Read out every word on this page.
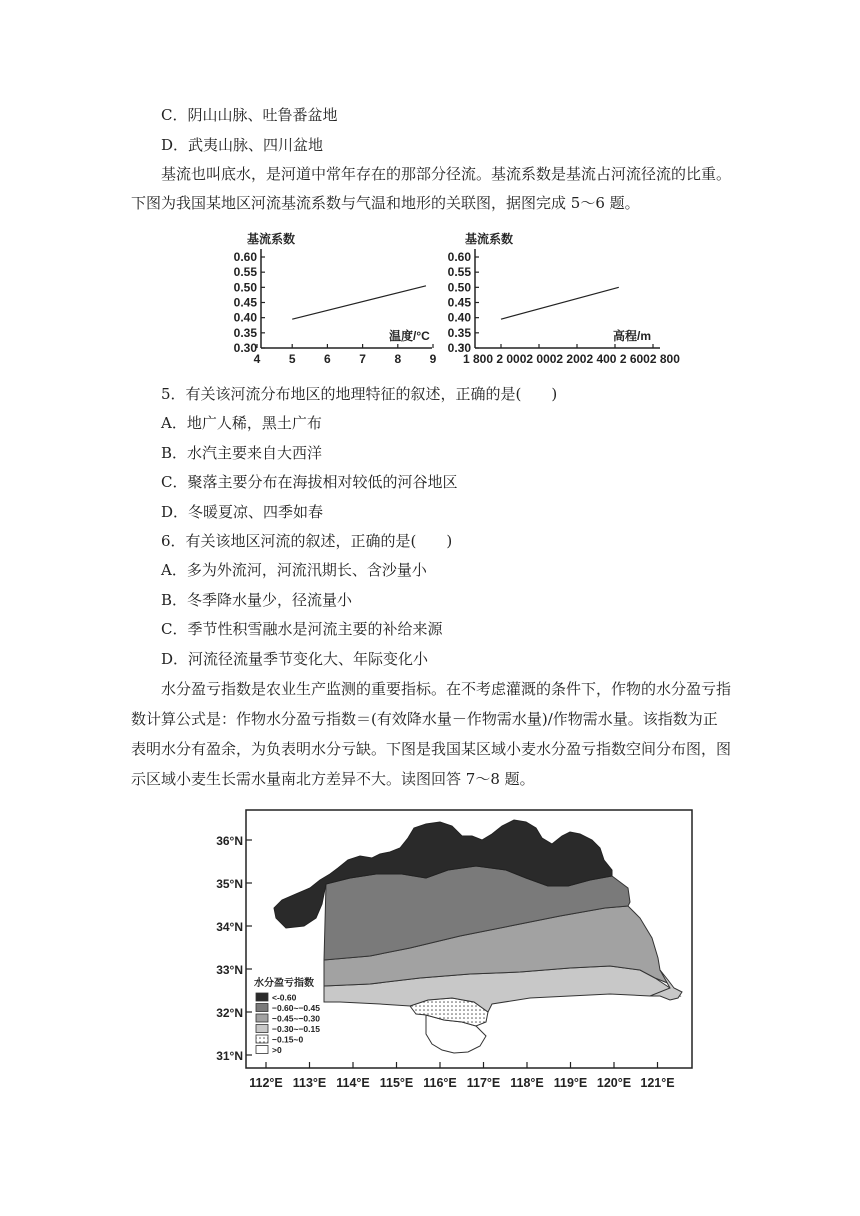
C．阴山山脉、吐鲁番盆地
D．武夷山脉、四川盆地
基流也叫底水，是河道中常年存在的那部分径流。基流系数是基流占河流径流的比重。
下图为我国某地区河流基流系数与气温和地形的关联图，据图完成 5～6 题。
基流系数
0.60
0.55
0.50
0.45
0.40
0.35
0.30
4 5 6 7 8 9
温度/°C
基流系数
0.60
0.55
0.50
0.45
0.40
0.35
0.30
1 800 2 0002 0002 2002 400 2 6002 800
高程/m
5．有关该河流分布地区的地理特征的叙述，正确的是(　　)
A．地广人稀，黑土广布
B．水汽主要来自大西洋
C．聚落主要分布在海拔相对较低的河谷地区
D．冬暖夏凉、四季如春
6．有关该地区河流的叙述，正确的是(　　)
A．多为外流河，河流汛期长、含沙量小
B．冬季降水量少，径流量小
C．季节性积雪融水是河流主要的补给来源
D．河流径流量季节变化大、年际变化小
水分盈亏指数是农业生产监测的重要指标。在不考虑灌溉的条件下，作物的水分盈亏指
数计算公式是：作物水分盈亏指数＝(有效降水量－作物需水量)/作物需水量。该指数为正
表明水分有盈余，为负表明水分亏缺。下图是我国某区域小麦水分盈亏指数空间分布图，图
示区域小麦生长需水量南北方差异不大。读图回答 7～8 题。
36°N
35°N
34°N
33°N
32°N
31°N
112°E 113°E 114°E 115°E 116°E 117°E 118°E 119°E 120°E 121°E
水分盈亏指数
<-0.60
−0.60~−0.45
−0.45~−0.30
−0.30~−0.15
−0.15~0
>0
